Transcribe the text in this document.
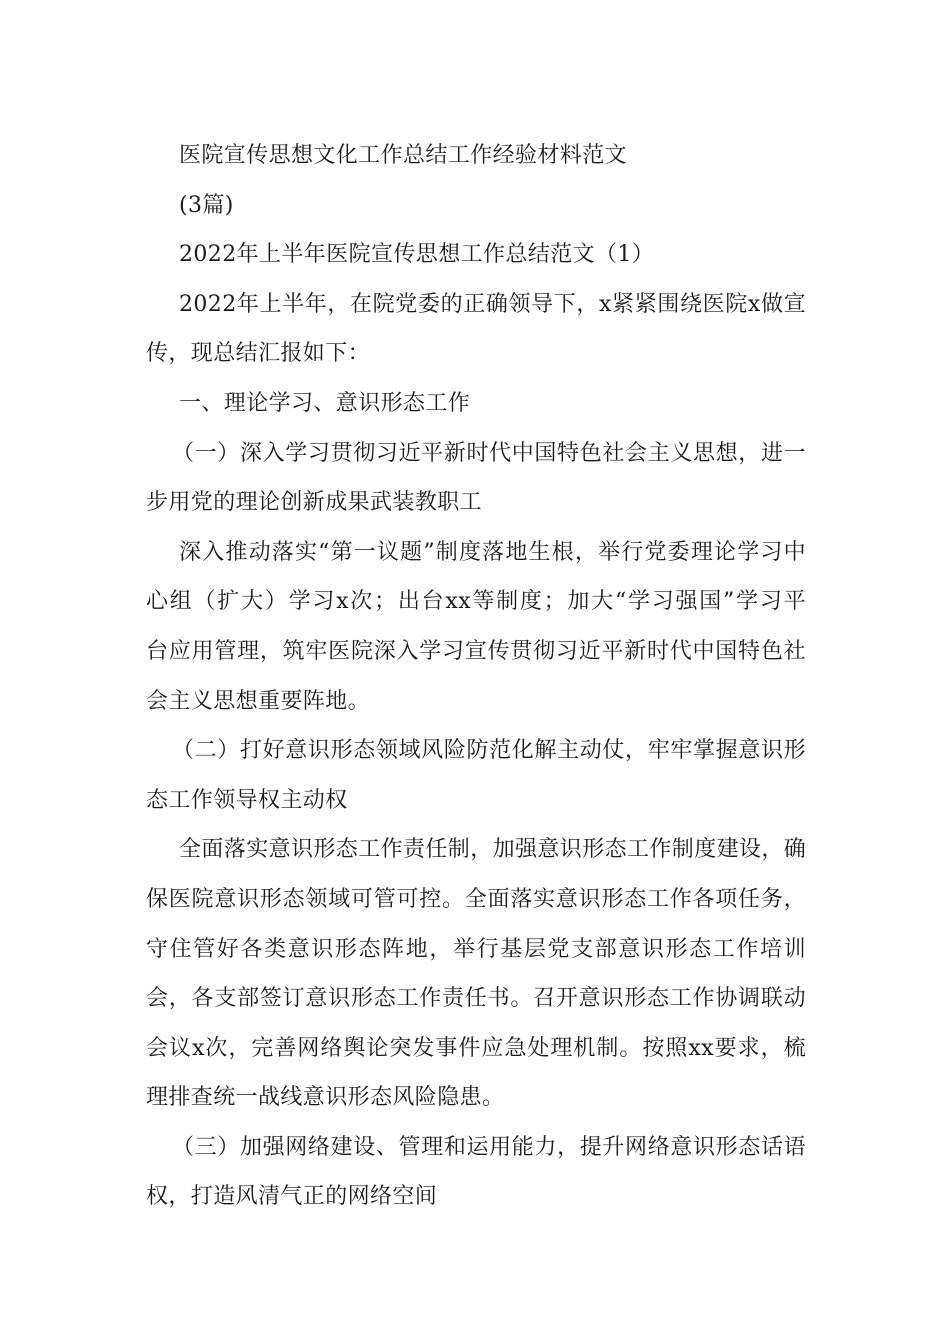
医院宣传思想文化工作总结工作经验材料范文
(3篇)
2022年上半年医院宣传思想工作总结范文（1）
2022年上半年，在院党委的正确领导下，x紧紧围绕医院x做宣
传，现总结汇报如下：
一、理论学习、意识形态工作
（一）深入学习贯彻习近平新时代中国特色社会主义思想，进一
步用党的理论创新成果武装教职工
深入推动落实“第一议题”制度落地生根，举行党委理论学习中
心组（扩大）学习x次；出台xx等制度；加大“学习强国”学习平
台应用管理，筑牢医院深入学习宣传贯彻习近平新时代中国特色社
会主义思想重要阵地。
（二）打好意识形态领域风险防范化解主动仗，牢牢掌握意识形
态工作领导权主动权
全面落实意识形态工作责任制，加强意识形态工作制度建设，确
保医院意识形态领域可管可控。全面落实意识形态工作各项任务，
守住管好各类意识形态阵地，举行基层党支部意识形态工作培训
会，各支部签订意识形态工作责任书。召开意识形态工作协调联动
会议x次，完善网络舆论突发事件应急处理机制。按照xx要求，梳
理排查统一战线意识形态风险隐患。
（三）加强网络建设、管理和运用能力，提升网络意识形态话语
权，打造风清气正的网络空间
